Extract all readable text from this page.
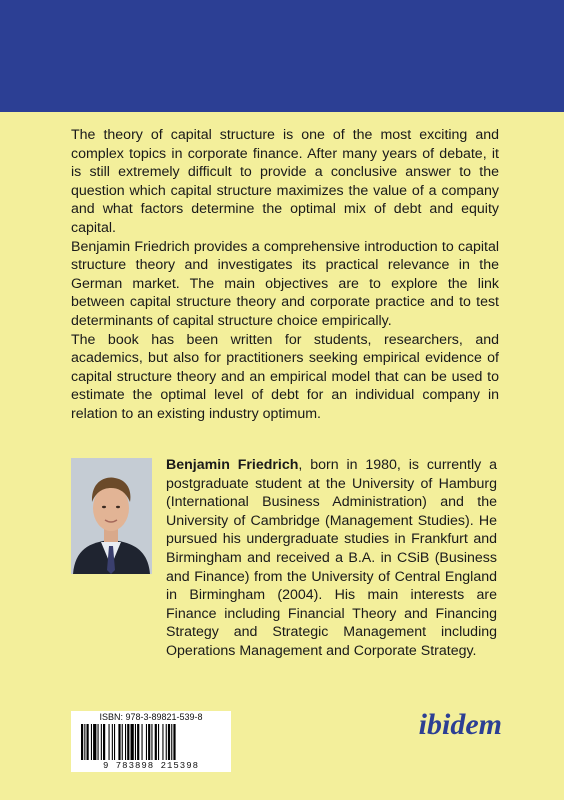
The theory of capital structure is one of the most exciting and complex topics in corporate finance. After many years of debate, it is still extremely difficult to provide a conclusive answer to the question which capital structure maximizes the value of a company and what factors determine the optimal mix of debt and equity capital.

Benjamin Friedrich provides a comprehensive introduction to capital structure theory and investigates its practical relevance in the German market. The main objectives are to explore the link between capital structure theory and corporate practice and to test determinants of capital structure choice empirically.

The book has been written for students, researchers, and academics, but also for practitioners seeking empirical evidence of capital structure theory and an empirical model that can be used to estimate the optimal level of debt for an individual company in relation to an existing industry optimum.

Benjamin Friedrich, born in 1980, is currently a postgraduate student at the University of Hamburg (International Business Administration) and the University of Cambridge (Management Studies). He pursued his undergraduate studies in Frankfurt and Birmingham and received a B.A. in CSiB (Business and Finance) from the University of Central England in Birmingham (2004). His main interests are Finance including Financial Theory and Financing Strategy and Strategic Management including Operations Management and Corporate Strategy.
ISBN: 978-3-89821-539-8
9 783898 215398
ibidem
